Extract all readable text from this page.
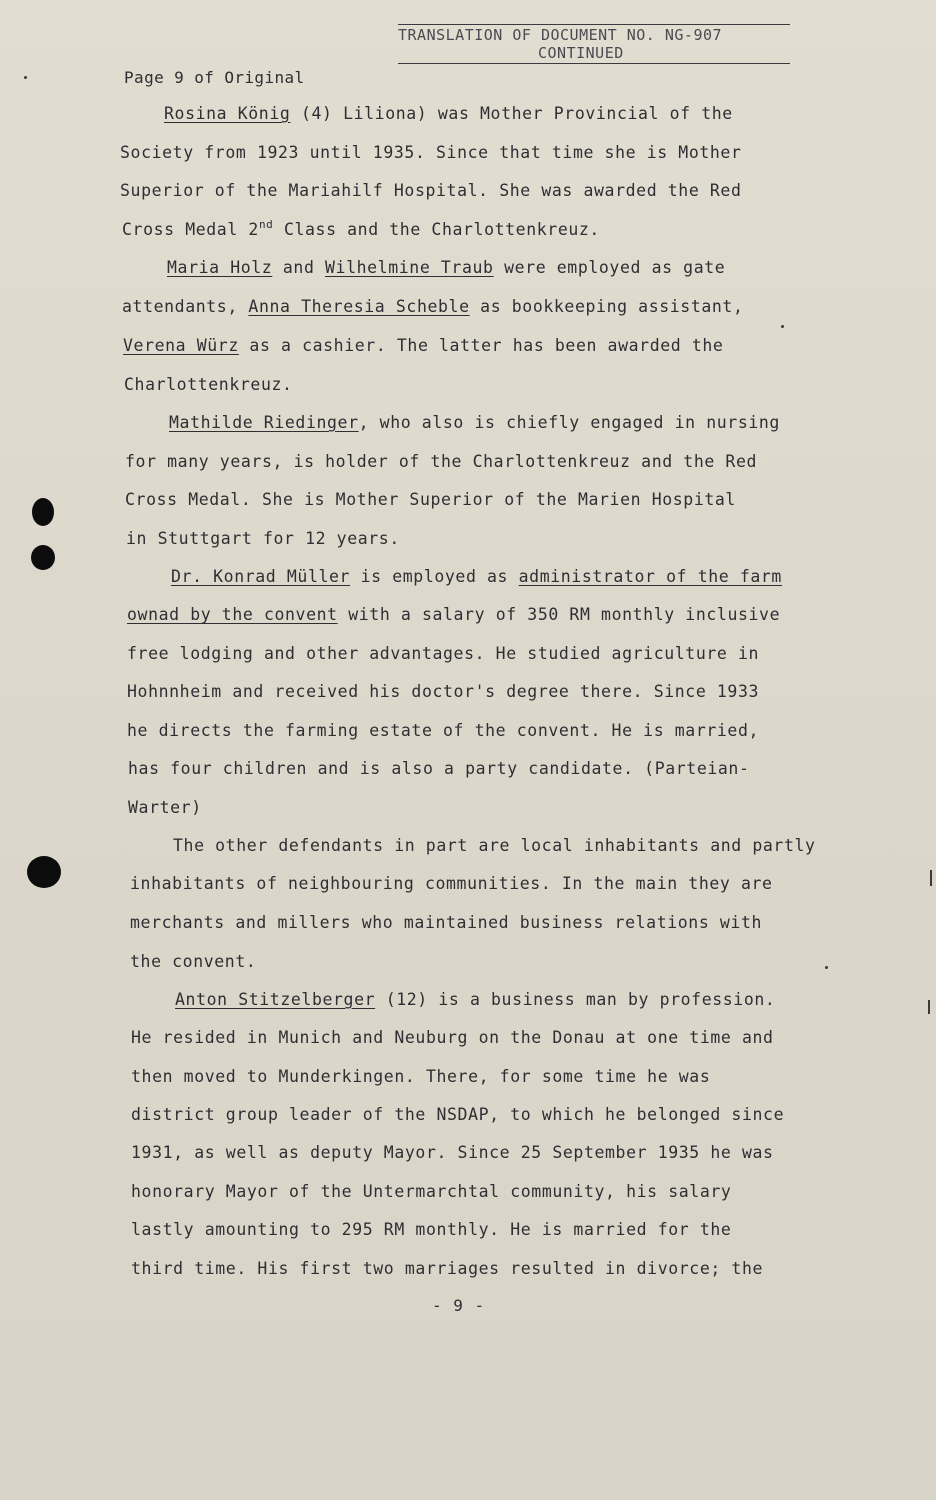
TRANSLATION OF DOCUMENT NO. NG-907
CONTINUED
Page 9 of Original
Rosina König (4) Liliona) was Mother Provincial of the
Society from 1923 until 1935. Since that time she is Mother
Superior of the Mariahilf Hospital. She was awarded the Red
Cross Medal 2nd Class and the Charlottenkreuz.
Maria Holz and Wilhelmine Traub were employed as gate
attendants, Anna Theresia Scheble as bookkeeping assistant,
Verena Würz as a cashier. The latter has been awarded the
Charlottenkreuz.
Mathilde Riedinger, who also is chiefly engaged in nursing
for many years, is holder of the Charlottenkreuz and the Red
Cross Medal. She is Mother Superior of the Marien Hospital
in Stuttgart for 12 years.
Dr. Konrad Müller is employed as administrator of the farm
ownad by the convent with a salary of 350 RM monthly inclusive
free lodging and other advantages. He studied agriculture in
Hohnnheim and received his doctor's degree there. Since 1933
he directs the farming estate of the convent. He is married,
has four children and is also a party candidate. (Parteian-
Warter)
The other defendants in part are local inhabitants and partly
inhabitants of neighbouring communities. In the main they are
merchants and millers who maintained business relations with
the convent.
Anton Stitzelberger (12) is a business man by profession.
He resided in Munich and Neuburg on the Donau at one time and
then moved to Munderkingen. There, for some time he was
district group leader of the NSDAP, to which he belonged since
1931, as well as deputy Mayor. Since 25 September 1935 he was
honorary Mayor of the Untermarchtal community, his salary
lastly amounting to 295 RM monthly. He is married for the
third time. His first two marriages resulted in divorce; the
- 9 -
